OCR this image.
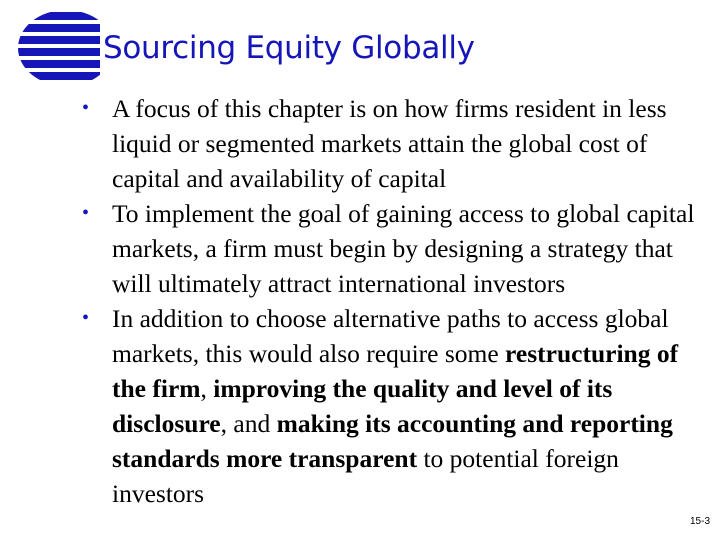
Sourcing Equity Globally
• A focus of this chapter is on how firms resident in less liquid or segmented markets attain the global cost of capital and availability of capital
• To implement the goal of gaining access to global capital markets, a firm must begin by designing a strategy that will ultimately attract international investors
• In addition to choose alternative paths to access global markets, this would also require some restructuring of the firm, improving the quality and level of its disclosure, and making its accounting and reporting standards more transparent to potential foreign investors
15-3
